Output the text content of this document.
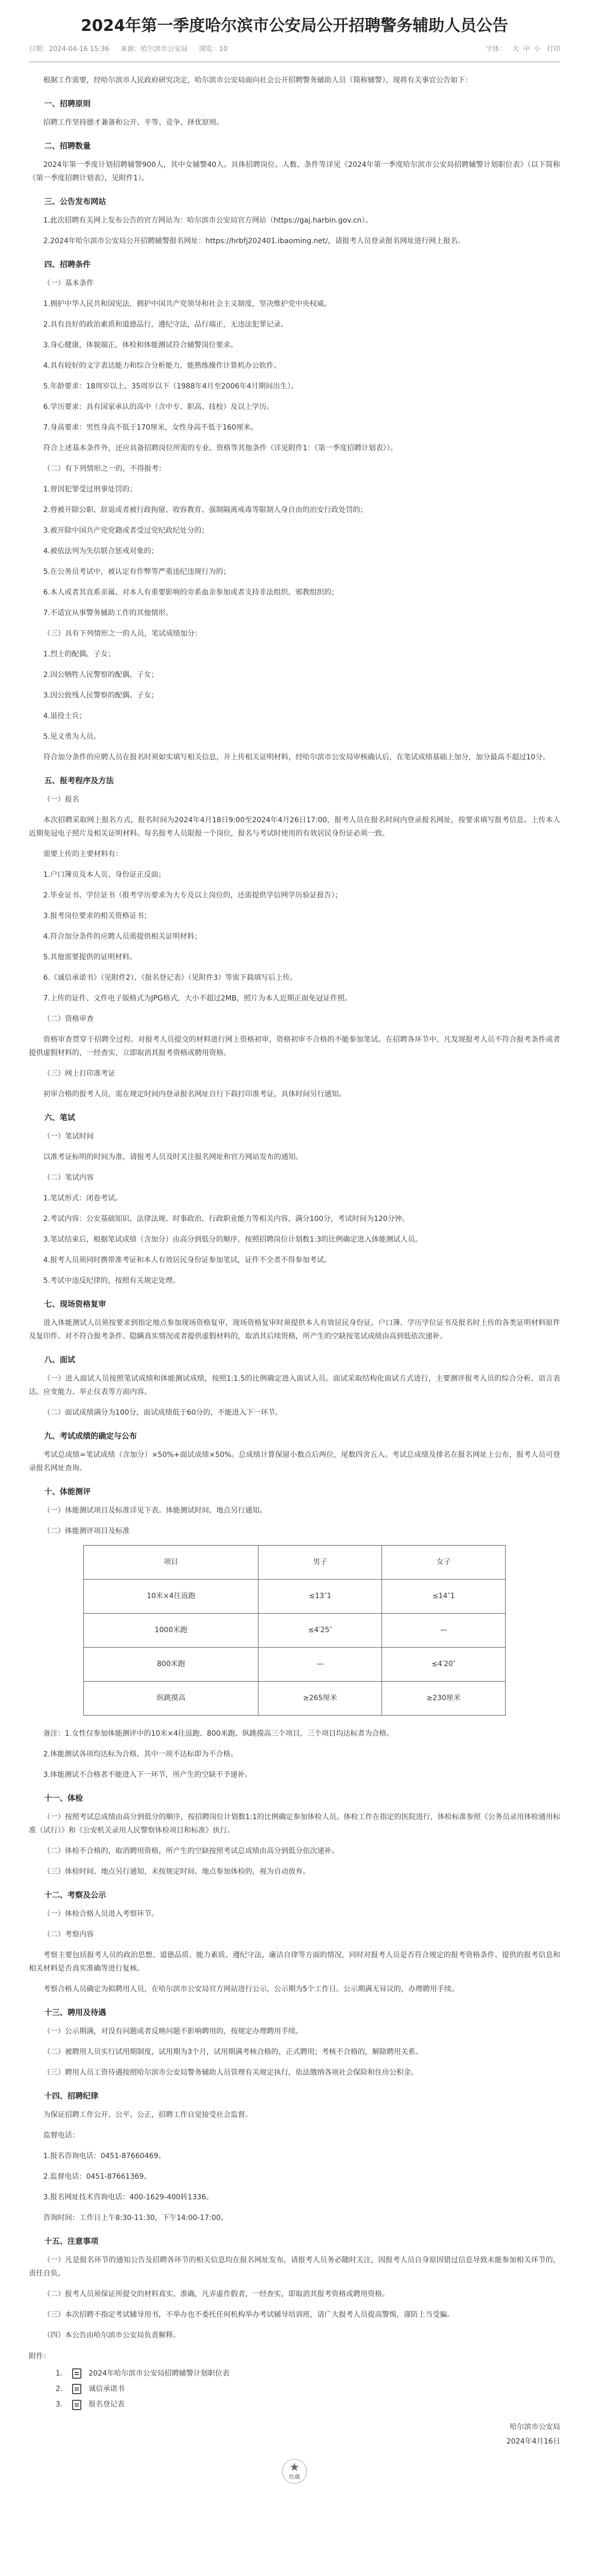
2024年第一季度哈尔滨市公安局公开招聘警务辅助人员公告
日期：2024-04-16 15:36 来源：哈尔滨市公安局 浏览：10	字体： 大 中 小 打印

根据工作需要，经哈尔滨市人民政府研究决定，哈尔滨市公安局面向社会公开招聘警务辅助人员（简称辅警），现将有关事宜公告如下：

一、招聘原则

招聘工作坚持德才兼备和公开、平等、竞争、择优原则。

二、招聘数量

2024年第一季度计划招聘辅警900人，其中女辅警40人。具体招聘岗位、人数、条件等详见《2024年第一季度哈尔滨市公安局招聘辅警计划职位表》（以下简称《第一季度招聘计划表》，见附件1）。

三、公告发布网站

1.此次招聘有关网上发布公告的官方网站为：哈尔滨市公安局官方网站（https://gaj.harbin.gov.cn）。

2.2024年哈尔滨市公安局公开招聘辅警报名网址：https://hrbfj202401.ibaoming.net/，请报考人员登录报名网址进行网上报名。

四、招聘条件

（一）基本条件

1.拥护中华人民共和国宪法，拥护中国共产党领导和社会主义制度，坚决维护党中央权威。

2.具有良好的政治素质和道德品行，遵纪守法，品行端正，无违法犯罪记录。

3.身心健康，体貌端正，体检和体能测试符合辅警岗位要求。

4.具有较好的文字表达能力和综合分析能力，能熟练操作计算机办公软件。

5.年龄要求：18周岁以上、35周岁以下（1988年4月至2006年4月期间出生）。

6.学历要求：具有国家承认的高中（含中专、职高、技校）及以上学历。

7.身高要求：男性身高不低于170厘米，女性身高不低于160厘米。

符合上述基本条件外，还应具备招聘岗位所需的专业、资格等其他条件（详见附件1：《第一季度招聘计划表》）。

（二）有下列情形之一的，不得报考：

1.曾因犯罪受过刑事处罚的；

2.曾被开除公职、辞退或者被行政拘留、收容教育、强制隔离戒毒等限制人身自由的治安行政处罚的；

3.被开除中国共产党党籍或者受过党纪政纪处分的；

4.被依法列为失信联合惩戒对象的；

5.在公务员考试中，被认定有作弊等严重违纪违规行为的；

6.本人或者其直系亲属、对本人有重要影响的旁系血亲参加或者支持非法组织、邪教组织的；

7.不适宜从事警务辅助工作的其他情形。

（三）具有下列情形之一的人员，笔试成绩加分：

1.烈士的配偶、子女；

2.因公牺牲人民警察的配偶、子女；

3.因公致残人民警察的配偶、子女；

4.退役士兵；

5.见义勇为人员。

符合加分条件的应聘人员在报名时须如实填写相关信息，并上传相关证明材料，经哈尔滨市公安局审核确认后，在笔试成绩基础上加分，加分最高不超过10分。

五、报考程序及方法

（一）报名

本次招聘采取网上报名方式，报名时间为2024年4月18日9:00至2024年4月26日17:00，报考人员在报名时间内登录报名网址，按要求填写报考信息、上传本人近期免冠电子照片及相关证明材料。每名报考人员限报一个岗位，报名与考试时使用的有效居民身份证必须一致。

需要上传的主要材料有：

1.户口簿页及本人页、身份证正反面；

2.毕业证书、学位证书（报考学历要求为大专及以上岗位的，还需提供学信网学历验证报告）；

3.报考岗位要求的相关资格证书；

4.符合加分条件的应聘人员需提供相关证明材料；

5.其他需要提供的证明材料。

6.《诚信承诺书》（见附件2）、《报名登记表》（见附件3）等需下载填写后上传。

7.上传的证件、文件电子版格式为JPG格式，大小不超过2MB，照片为本人近期正面免冠证件照。

（二）资格审查

资格审查贯穿于招聘全过程。对报考人员提交的材料进行网上资格初审，资格初审不合格的不能参加笔试。在招聘各环节中，凡发现报考人员不符合报考条件或者提供虚假材料的，一经查实，立即取消其报考资格或聘用资格。

（三）网上打印准考证

初审合格的报考人员，需在规定时间内登录报名网址自行下载打印准考证，具体时间另行通知。

六、笔试

（一）笔试时间

以准考证标明的时间为准，请报考人员及时关注报名网址和官方网站发布的通知。

（二）笔试内容

1.笔试形式：闭卷考试。

2.考试内容：公安基础知识、法律法规、时事政治、行政职业能力等相关内容，满分100分，考试时间为120分钟。

3.笔试结束后，根据笔试成绩（含加分）由高分到低分的顺序，按照招聘岗位计划数1:3的比例确定进入体能测试人员。

4.报考人员须同时携带准考证和本人有效居民身份证参加笔试，证件不全者不得参加考试。

5.考试中违反纪律的，按照有关规定处理。

七、现场资格复审

进入体能测试人员须按要求到指定地点参加现场资格复审，现场资格复审时须提供本人有效居民身份证、户口簿、学历学位证书及报名时上传的各类证明材料原件及复印件。对不符合报考条件、隐瞒真实情况或者提供虚假材料的，取消其后续资格，所产生的空缺按笔试成绩由高到低依次递补。

八、面试

（一）进入面试人员按照笔试成绩和体能测试成绩，按照1:1.5的比例确定进入面试人员。面试采取结构化面试方式进行，主要测评报考人员的综合分析、语言表达、应变能力、举止仪表等方面内容。

（二）面试成绩满分为100分，面试成绩低于60分的，不能进入下一环节。

九、考试成绩的确定与公布

考试总成绩=笔试成绩（含加分）×50%+面试成绩×50%。总成绩计算保留小数点后两位，尾数四舍五入。考试总成绩及排名在报名网址上公布，报考人员可登录报名网址查询。

十、体能测评

（一）体能测试项目及标准详见下表。体能测试时间、地点另行通知。

（二）体能测评项目及标准

项目	男子	女子
10米×4往返跑	≤13″1	≤14″1
1000米跑	≤4′25″	—
800米跑	—	≤4′20″
纵跳摸高	≥265厘米	≥230厘米

备注：1.女性仅参加体能测评中的10米×4往返跑、800米跑、纵跳摸高三个项目，三个项目均达标者为合格。

2.体能测试各项均达标为合格，其中一项不达标即为不合格。

3.体能测试不合格者不能进入下一环节，所产生的空缺不予递补。

十一、体检

（一）按照考试总成绩由高分到低分的顺序，按招聘岗位计划数1:1的比例确定参加体检人员。体检工作在指定的医院进行，体检标准参照《公务员录用体检通用标准（试行）》和《公安机关录用人民警察体检项目和标准》执行。

（二）体检不合格的，取消聘用资格，所产生的空缺按照考试总成绩由高分到低分依次递补。

（三）体检时间、地点另行通知，未按规定时间、地点参加体检的，视为自动放弃。

十二、考察及公示

（一）体检合格人员进入考察环节。

（二）考察内容

考察主要包括报考人员的政治思想、道德品质、能力素质、遵纪守法、廉洁自律等方面的情况，同时对报考人员是否符合规定的报考资格条件、提供的报考信息和相关材料是否真实准确等进行复核。

考察合格人员确定为拟聘用人员，在哈尔滨市公安局官方网站进行公示，公示期为5个工作日。公示期满无异议的，办理聘用手续。

十三、聘用及待遇

（一）公示期满，对没有问题或者反映问题不影响聘用的，按规定办理聘用手续。

（二）被聘用人员实行试用期制度，试用期为3个月，试用期满考核合格的，正式聘用；考核不合格的，解除聘用关系。

（三）聘用人员工资待遇按照哈尔滨市公安局警务辅助人员管理有关规定执行，依法缴纳各项社会保险和住房公积金。

十四、招聘纪律

为保证招聘工作公开、公平、公正，招聘工作自觉接受社会监督。

监督电话：

1.报名咨询电话：0451-87660469。

2.监督电话：0451-87661369。

3.报名网址技术咨询电话：400-1629-400转1336。

咨询时间：工作日上午8:30-11:30，下午14:00-17:00。

十五、注意事项

（一）凡是报名环节的通知公告及招聘各环节的相关信息均在报名网址发布，请报考人员务必随时关注，因报考人员自身原因错过信息导致未能参加相关环节的，责任自负。

（二）报考人员须保证所提交的材料真实、准确，凡弄虚作假者，一经查实，即取消其报考资格或聘用资格。

（三）本次招聘不指定考试辅导用书，不举办也不委托任何机构举办考试辅导培训班，请广大报考人员提高警惕，谨防上当受骗。

（四）本公告由哈尔滨市公安局负责解释。

附件：
1.	2024年哈尔滨市公安局招聘辅警计划职位表
2.	诚信承诺书
3.	报名登记表
哈尔滨市公安局
2024年4月16日
★
收藏
